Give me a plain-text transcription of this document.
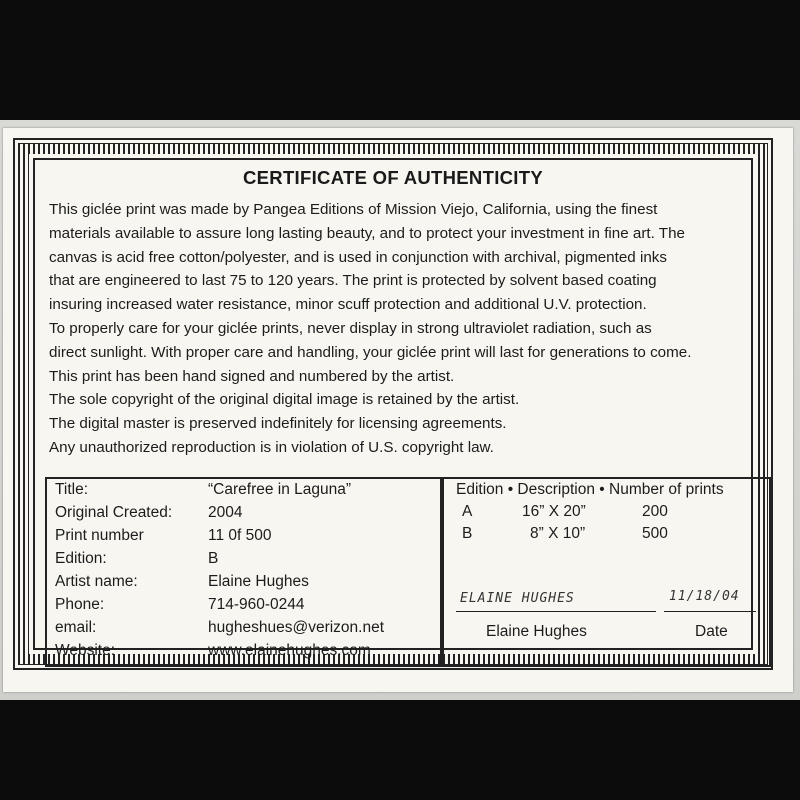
CERTIFICATE OF AUTHENTICITY
This giclée print was made by Pangea Editions of Mission Viejo, California, using the finest
materials available to assure long lasting beauty, and to protect your investment in fine art. The
canvas is acid free cotton/polyester, and is used in conjunction with archival, pigmented inks
that are engineered to last 75 to 120 years. The print is protected by solvent based coating
insuring increased water resistance, minor scuff protection and additional U.V. protection.
To properly care for your giclée prints, never display in strong ultraviolet radiation, such as
direct sunlight. With proper care and handling, your giclée print will last for generations to come.
This print has been hand signed and numbered by the artist.
The sole copyright of the original digital image is retained by the artist.
The digital master is preserved indefinitely for licensing agreements.
Any unauthorized reproduction is in violation of U.S. copyright law.
Title:	“Carefree in Laguna”
Original Created: 2004
Print number	11 0f 500
Edition:	B
Artist name:	Elaine Hughes
Phone:	714-960-0244
email:	hugheshues@verizon.net
Website:	www.elainehughes.com
Edition • Description • Number of prints
A	16” X 20”	200
B	8” X 10”	500
ELAINE HUGHES	11/18/04
Elaine Hughes	Date
